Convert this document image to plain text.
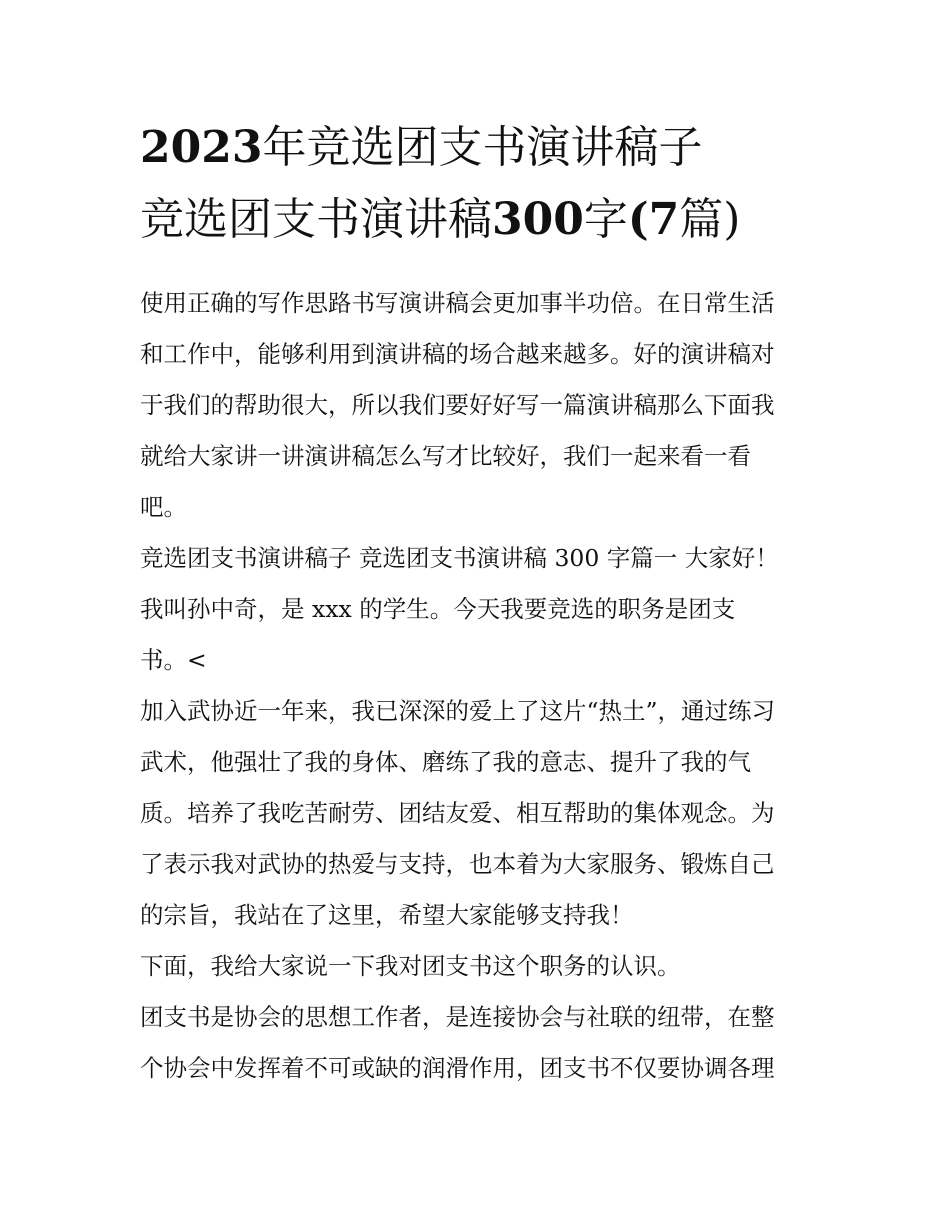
2023年竞选团支书演讲稿子
竞选团支书演讲稿300字(7篇)
使用正确的写作思路书写演讲稿会更加事半功倍。在日常生活
和工作中，能够利用到演讲稿的场合越来越多。好的演讲稿对
于我们的帮助很大，所以我们要好好写一篇演讲稿那么下面我
就给大家讲一讲演讲稿怎么写才比较好，我们一起来看一看
吧。
竞选团支书演讲稿子 竞选团支书演讲稿 300 字篇一 大家好！
我叫孙中奇，是 xxx 的学生。今天我要竞选的职务是团支
书。<
加入武协近一年来，我已深深的爱上了这片“热土”，通过练习
武术，他强壮了我的身体、磨练了我的意志、提升了我的气
质。培养了我吃苦耐劳、团结友爱、相互帮助的集体观念。为
了表示我对武协的热爱与支持，也本着为大家服务、锻炼自己
的宗旨，我站在了这里，希望大家能够支持我！
下面，我给大家说一下我对团支书这个职务的认识。
团支书是协会的思想工作者，是连接协会与社联的纽带，在整
个协会中发挥着不可或缺的润滑作用，团支书不仅要协调各理
